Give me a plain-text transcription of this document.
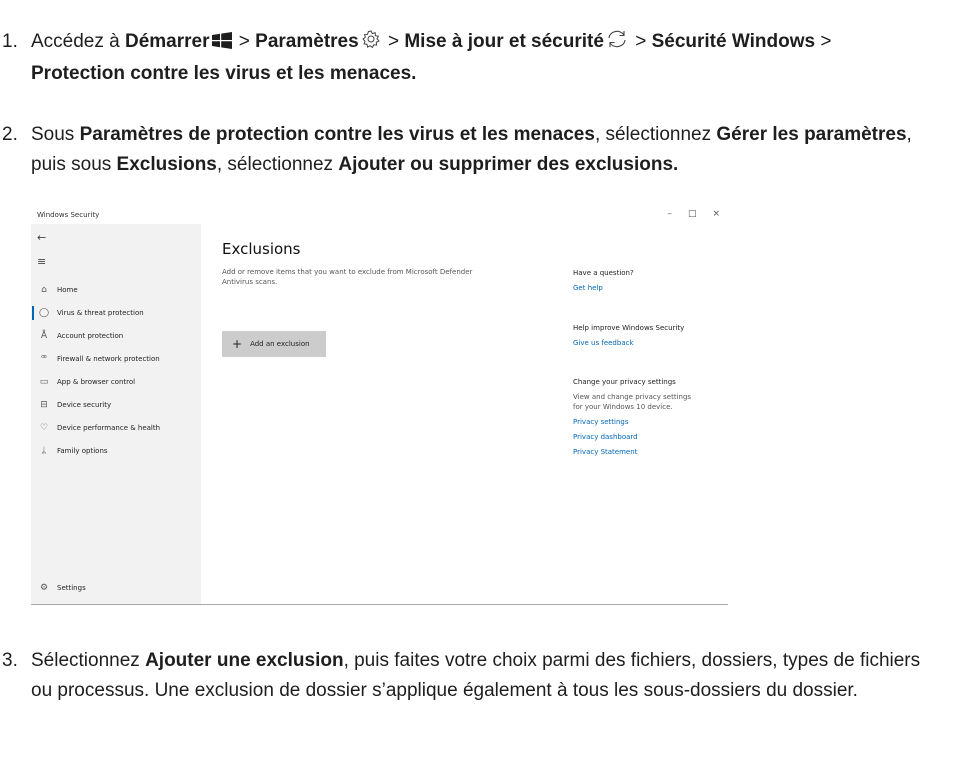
1. Accédez à Démarrer > Paramètres > Mise à jour et sécurité > Sécurité Windows >
Protection contre les virus et les menaces.
2. Sous Paramètres de protection contre les virus et les menaces, sélectionnez Gérer les paramètres, puis sous Exclusions, sélectionnez Ajouter ou supprimer des exclusions.
Windows Security	– □ ×
←
≡
⌂	Home
◯	Virus & threat protection
Å	Account protection
ꟹ	Firewall & network protection
▭	App & browser control
⊟	Device security
♡	Device performance & health
ᛦ	Family options
⚙	Settings
Exclusions
Add or remove items that you want to exclude from Microsoft Defender Antivirus scans.
+ Add an exclusion
Have a question?
Get help
Help improve Windows Security
Give us feedback
Change your privacy settings
View and change privacy settings for your Windows 10 device.
Privacy settings
Privacy dashboard
Privacy Statement
3. Sélectionnez Ajouter une exclusion, puis faites votre choix parmi des fichiers, dossiers, types de fichiers ou processus. Une exclusion de dossier s’applique également à tous les sous-dossiers du dossier.
